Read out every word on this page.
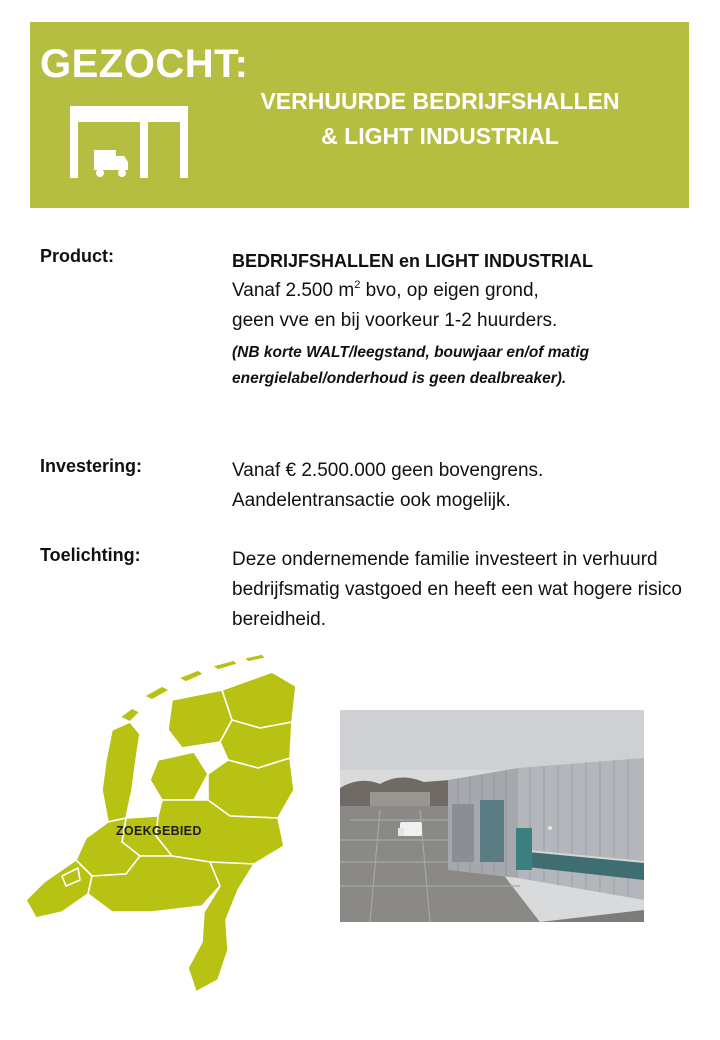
GEZOCHT:
VERHUURDE BEDRIJFSHALLEN
& LIGHT INDUSTRIAL
Product:	BEDRIJFSHALLEN en LIGHT INDUSTRIAL
Vanaf 2.500 $m^2$ bvo, op eigen grond,
geen vve en bij voorkeur 1-2 huurders.
(NB korte WALT/leegstand, bouwjaar en/of matig energielabel/onderhoud is geen dealbreaker).
Investering:	Vanaf € 2.500.000 geen bovengrens.
Aandelentransactie ook mogelijk.
Toelichting:	Deze ondernemende familie investeert in verhuurd bedrijfsmatig vastgoed en heeft een wat hogere risico bereidheid.
ZOEKGEBIED
